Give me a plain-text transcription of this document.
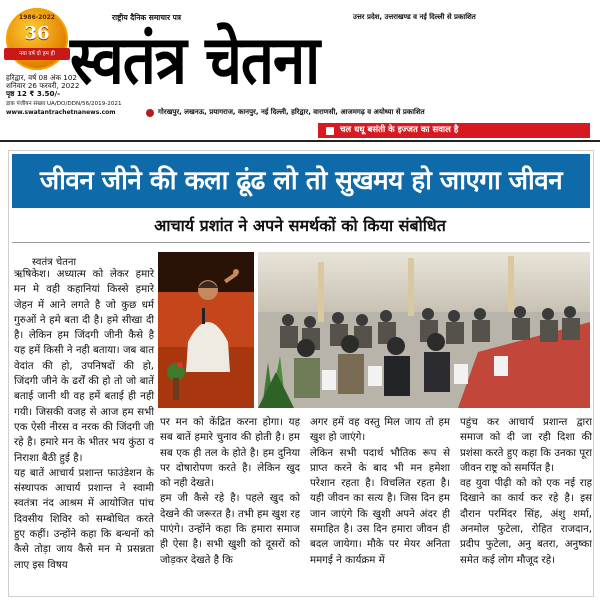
1986-2022
36
नया वर्ष दो हम ही
राष्ट्रीय दैनिक समाचार पत्र	उत्तर प्रदेश, उत्तराखण्ड व नई दिल्ली से प्रकाशित
स्वतंत्र चेतना
हरिद्वार, वर्ष 08 अंक 102
शनिवार 26 फरवरी, 2022
पृष्ठ 12 ₹ 3.50/-
डाक पंजीयन संख्या UA/DO/DDN/56/2019-2021
www.swatantrachetnanews.com	गोरखपुर, लखनऊ, प्रयागराज, कानपुर, नई दिल्ली, हरिद्वार, वाराणसी, आजमगढ़ व अयोध्या से प्रकाशित
चल धधू बसंती के इज्जत का सवाल है
जीवन जीने की कला ढूंढ लो तो सुखमय हो जाएगा जीवन
आचार्य प्रशांत ने अपने समर्थकों को किया संबोधित
स्वतंत्र चेतना
ऋषिकेश। अध्यात्म को लेकर हमारे मन मे वही कहानियां किस्से हमारे जेहन में आने लगते है जो कुछ धर्म गुरुओं ने हमे बता दी है। हमे सीखा दी है। लेकिन हम जिंदगी जीनी कैसे है यह हमें किसी ने नही बताया। जब बात वेदांत की हो, उपनिषदों की हो, जिंदगी जीने के ढर्रों की हो तो जो बातें बताई जानी थी वह हमें बताई ही नही गयी। जिसकी वजह से आज हम सभी एक ऐसी नीरस व नरक की जिंदगी जी रहे है। हमारे मन के भीतर भय कुंठा व निराशा बैठी हुई है।
यह बातें आचार्य प्रशान्त फाउंडेशन के संस्थापक आचार्य प्रशान्त ने स्वामी स्वतंत्रा नंद आश्रम में आयोजित पांच दिवसीय शिविर को सम्बोधित करते हुए कहीं। उन्होंने कहा कि बन्धनों को कैसे तोड़ा जाय कैसे मन मे प्रसन्नता लाए इस विषय
पर मन को केंद्रित करना होगा। यह सब बातें हमारे चुनाव की होती है। हम सब एक ही तल के होते है। हम दुनिया पर दोषारोपण करते है। लेकिन खुद को नही देखते।
हम जी कैसे रहे है। पहले खुद को देखने की जरूरत है। तभी हम खुश रह पाएंगे। उन्होंने कहा कि हमारा समाज ही ऐसा है। सभी खुशी को दूसरों को जोड़कर देखते है कि
अगर हमें वह वस्तु मिल जाय तो हम खुश हो जाएंगे।
लेकिन सभी पदार्थ भौतिक रूप से प्राप्त करने के बाद भी मन हमेशा परेशान रहता है। विचलित रहता है। यही जीवन का सत्य है। जिस दिन हम जान जाएंगे कि खुशी अपने अंदर ही समाहित है। उस दिन हमारा जीवन ही बदल जायेगा। मौके पर मेयर अनिता ममगई ने कार्यक्रम में
पहुंच कर आचार्य प्रशान्त द्वारा समाज को दी जा रही दिशा की प्रशंसा करते हुए कहा कि उनका पूरा जीवन राष्ट्र को समर्पित है।
वह युवा पीढ़ी को को एक नई राह दिखाने का कार्य कर रहे है। इस दौरान परमिंदर सिंह, अंशु शर्मा, अनमोल फुटेला, रोहित राजदान, प्रदीप फुटेला, अनु बतरा, अनुष्का समेत कई लोग मौजूद रहे।
